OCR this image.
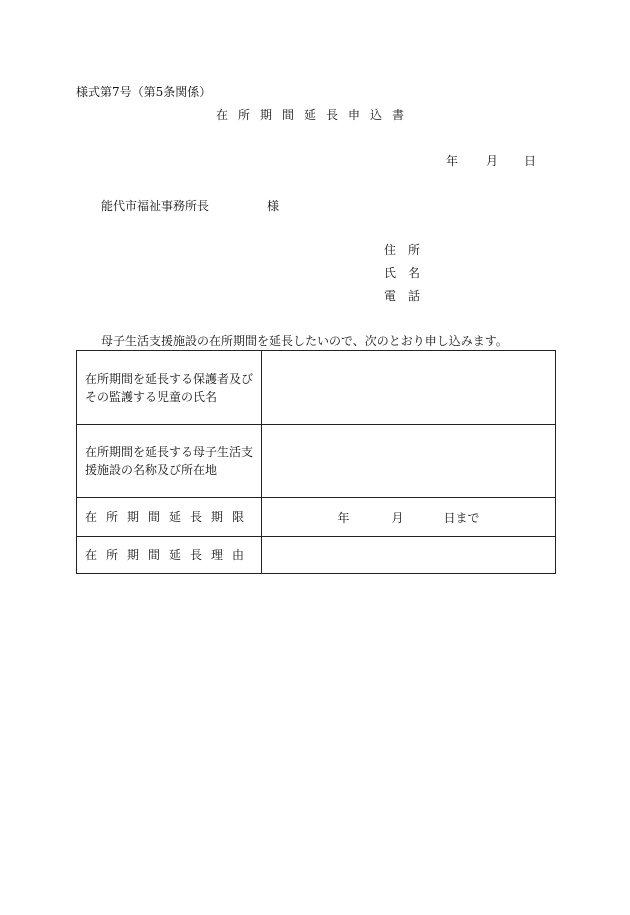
様式第7号（第5条関係）
在所期間延長申込書
年 月 日
能代市福祉事務所長	様
住　所
氏　名
電　話
母子生活支援施設の在所期間を延長したいので、次のとおり申し込みます。
在所期間を延長する保護者及びその監護する児童の氏名	
在所期間を延長する母子生活支援施設の名称及び所在地	
在所期間延長期限	年 月 日まで
在所期間延長理由	
